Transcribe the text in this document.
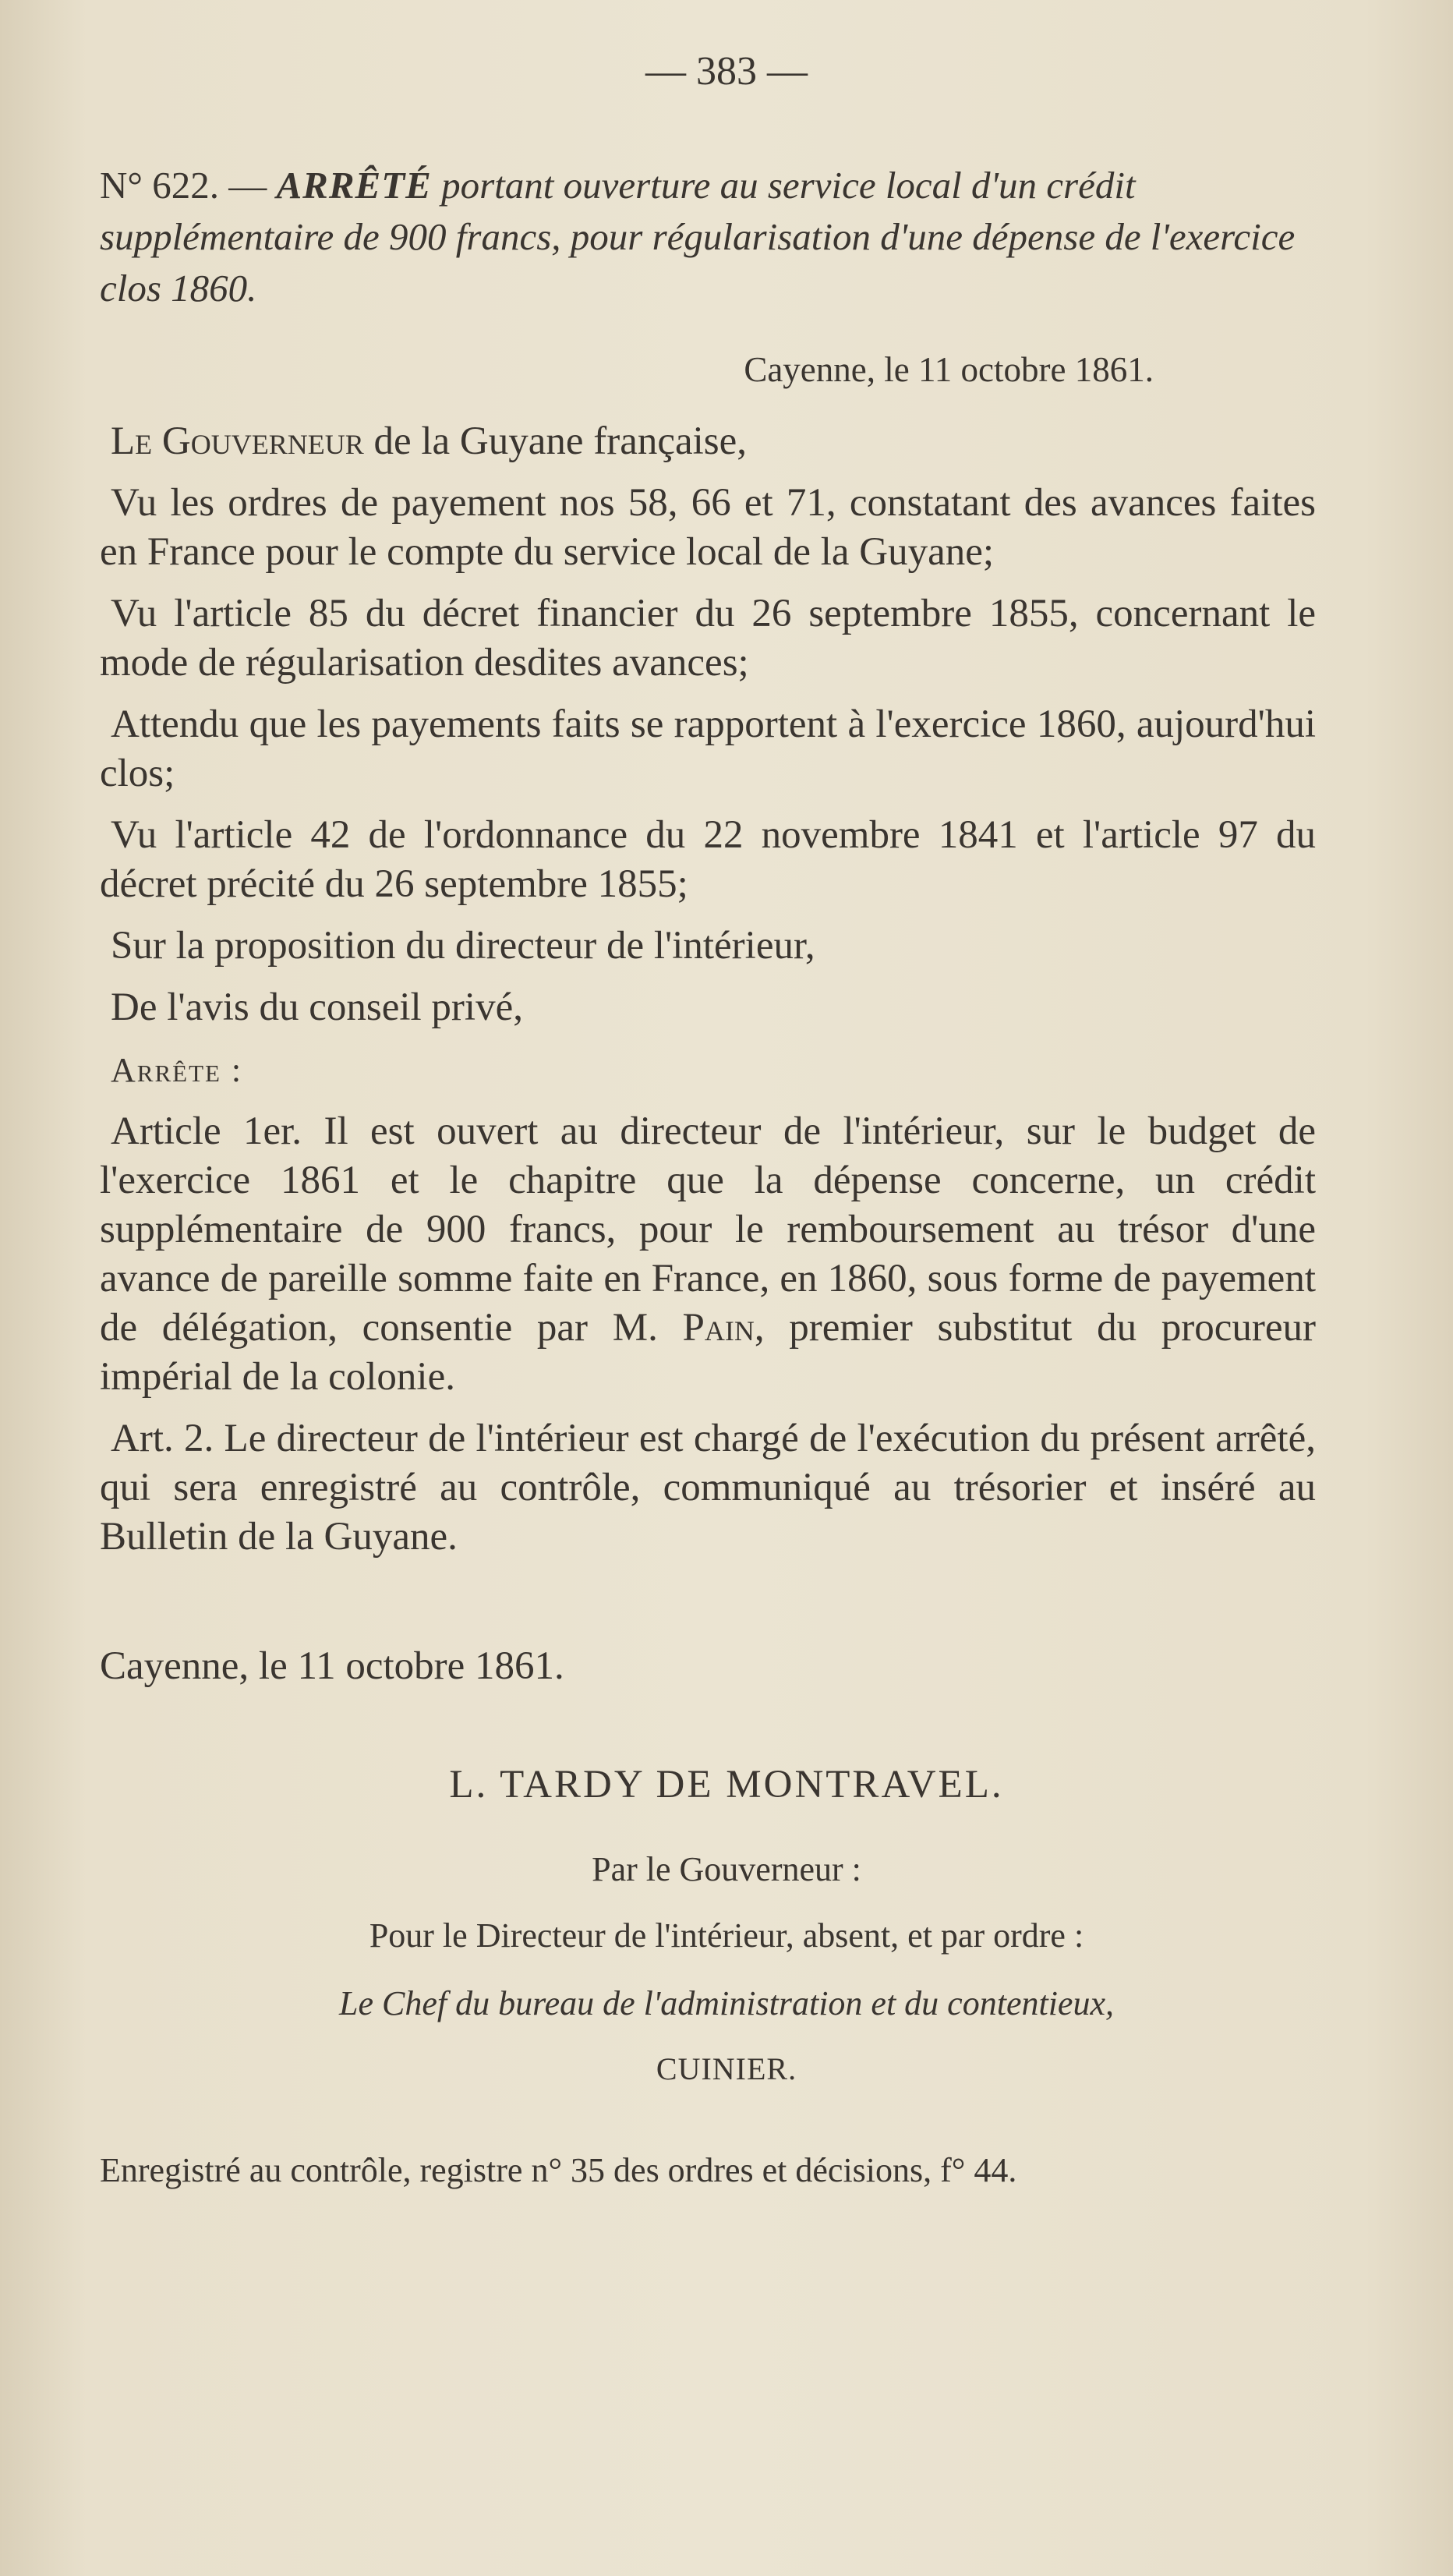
— 383 —
N° 622. — ARRÊTÉ portant ouverture au service local d'un crédit supplémentaire de 900 francs, pour régularisation d'une dépense de l'exercice clos 1860.
Cayenne, le 11 octobre 1861.

Le Gouverneur de la Guyane française,

Vu les ordres de payement nos 58, 66 et 71, constatant des avances faites en France pour le compte du service local de la Guyane;

Vu l'article 85 du décret financier du 26 septembre 1855, concernant le mode de régularisation desdites avances;

Attendu que les payements faits se rapportent à l'exercice 1860, aujourd'hui clos;

Vu l'article 42 de l'ordonnance du 22 novembre 1841 et l'article 97 du décret précité du 26 septembre 1855;

Sur la proposition du directeur de l'intérieur,

De l'avis du conseil privé,

Arrête :

Article 1er. Il est ouvert au directeur de l'intérieur, sur le budget de l'exercice 1861 et le chapitre que la dépense concerne, un crédit supplémentaire de 900 francs, pour le remboursement au trésor d'une avance de pareille somme faite en France, en 1860, sous forme de payement de délégation, consentie par M. Pain, premier substitut du procureur impérial de la colonie.

Art. 2. Le directeur de l'intérieur est chargé de l'exécution du présent arrêté, qui sera enregistré au contrôle, communiqué au trésorier et inséré au Bulletin de la Guyane.

Cayenne, le 11 octobre 1861.
L. TARDY DE MONTRAVEL.
Par le Gouverneur :
Pour le Directeur de l'intérieur, absent, et par ordre :
Le Chef du bureau de l'administration et du contentieux,
CUINIER.
Enregistré au contrôle, registre n° 35 des ordres et décisions, f° 44.
